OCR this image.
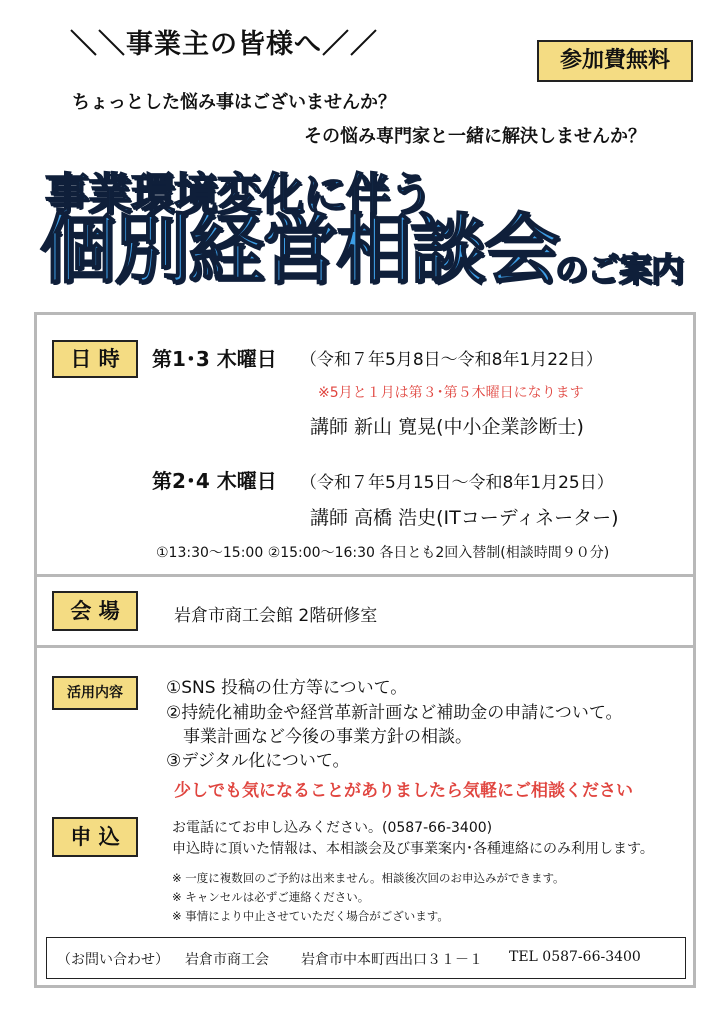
＼＼事業主の皆様へ／／
参加費無料
ちょっとした悩み事はございませんか？
その悩み専門家と一緒に解決しませんか？
事業環境変化に伴う
個別経営相談会
のご案内
日 時	第1･3 木曜日 （令和７年5月8日～令和8年1月22日）
※5月と１月は第３･第５木曜日になります
講師 新山 寛晃(中小企業診断士)
第2･4 木曜日 （令和７年5月15日～令和8年1月25日）
講師 高橋 浩史(ITコーディネーター)
①13:30～15:00 ②15:00～16:30 各日とも2回入替制(相談時間９０分)
会 場	岩倉市商工会館 2階研修室
活用内容	①SNS 投稿の仕方等について。
②持続化補助金や経営革新計画など補助金の申請について。
事業計画など今後の事業方針の相談。
③デジタル化について。
少しでも気になることがありましたら気軽にご相談ください
申 込	お電話にてお申し込みください。(0587-66-3400)
申込時に頂いた情報は、本相談会及び事業案内･各種連絡にのみ利用します。
※ 一度に複数回のご予約は出来ません。相談後次回のお申込みができます。
※ キャンセルは必ずご連絡ください。
※ 事情により中止させていただく場合がございます。
（お問い合わせ） 岩倉市商工会 岩倉市中本町西出口３１－１ TEL 0587-66-3400
